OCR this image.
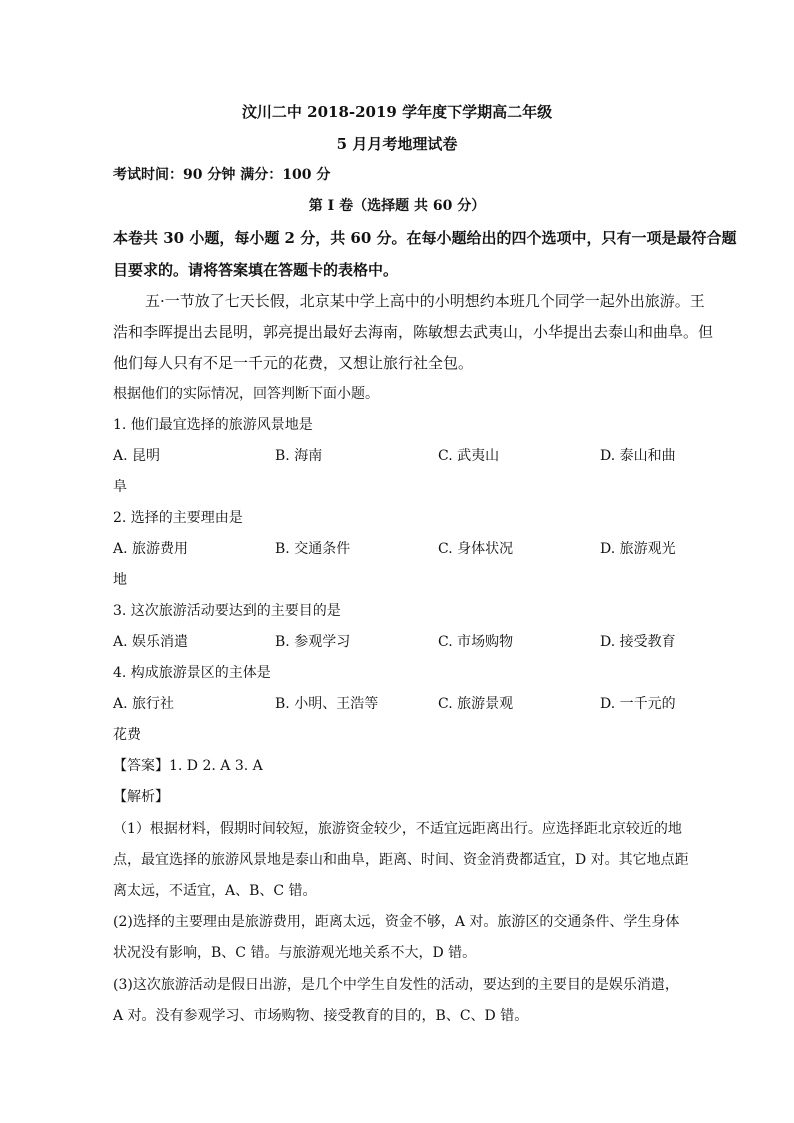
汶川二中 2018-2019 学年度下学期高二年级
5 月月考地理试卷
考试时间：90 分钟 满分：100 分
第 I 卷（选择题 共 60 分）
本卷共 30 小题，每小题 2 分，共 60 分。在每小题给出的四个选项中，只有一项是最符合题
目要求的。请将答案填在答题卡的表格中。
五·一节放了七天长假，北京某中学上高中的小明想约本班几个同学一起外出旅游。王
浩和李晖提出去昆明，郭亮提出最好去海南，陈敏想去武夷山，小华提出去泰山和曲阜。但
他们每人只有不足一千元的花费，又想让旅行社全包。
根据他们的实际情况，回答判断下面小题。
1. 他们最宜选择的旅游风景地是
A. 昆明	B. 海南	C. 武夷山	D. 泰山和曲
阜
2. 选择的主要理由是
A. 旅游费用	B. 交通条件	C. 身体状况	D. 旅游观光
地
3. 这次旅游活动要达到的主要目的是
A. 娱乐消遣	B. 参观学习	C. 市场购物	D. 接受教育
4. 构成旅游景区的主体是
A. 旅行社	B. 小明、王浩等	C. 旅游景观	D. 一千元的
花费
【答案】1. D 2. A 3. A
【解析】
（1）根据材料，假期时间较短，旅游资金较少，不适宜远距离出行。应选择距北京较近的地
点，最宜选择的旅游风景地是泰山和曲阜，距离、时间、资金消费都适宜，D 对。其它地点距
离太远，不适宜，A、B、C 错。
(2)选择的主要理由是旅游费用，距离太远，资金不够，A 对。旅游区的交通条件、学生身体
状况没有影响，B、C 错。与旅游观光地关系不大，D 错。
(3)这次旅游活动是假日出游，是几个中学生自发性的活动，要达到的主要目的是娱乐消遣，
A 对。没有参观学习、市场购物、接受教育的目的，B、C、D 错。
